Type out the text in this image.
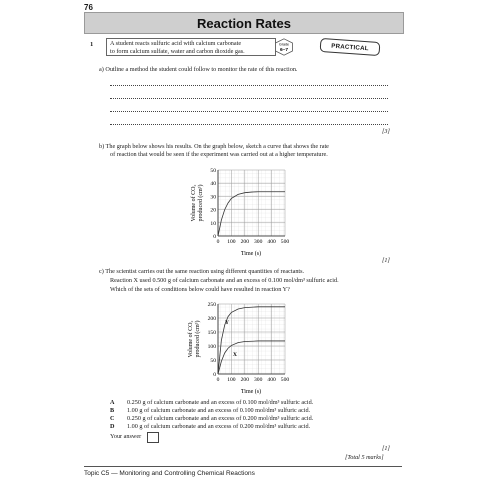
76
Reaction Rates
1	A student reacts sulfuric acid with calcium carbonate
to form calcium sulfate, water and carbon dioxide gas.
Grade
6–7	PRACTICAL
a) Outline a method the student could follow to monitor the rate of this reaction.
[3]
b) The graph below shows his results. On the graph below, sketch a curve that shows the rate
of reaction that would be seen if the experiment was carried out at a higher temperature.
0
10
20
30
40
50
0 100 200 300 400 500
Time (s)
Volume of CO₂ produced (cm³)
[1]
c) The scientist carries out the same reaction using different quantities of reactants.
Reaction X used 0.500 g of calcium carbonate and an excess of 0.100 mol/dm³ sulfuric acid.
Which of the sets of conditions below could have resulted in reaction Y?
0
50
100
150
200
250
0 100 200 300 400 500
Y
X
Time (s)
Volume of CO₂ produced (cm³)
A 0.250 g of calcium carbonate and an excess of 0.100 mol/dm³ sulfuric acid.
B 1.00 g of calcium carbonate and an excess of 0.100 mol/dm³ sulfuric acid.
C 0.250 g of calcium carbonate and an excess of 0.200 mol/dm³ sulfuric acid.
D 1.00 g of calcium carbonate and an excess of 0.200 mol/dm³ sulfuric acid.
Your answer
[1]
[Total 5 marks]
Topic C5 — Monitoring and Controlling Chemical Reactions
